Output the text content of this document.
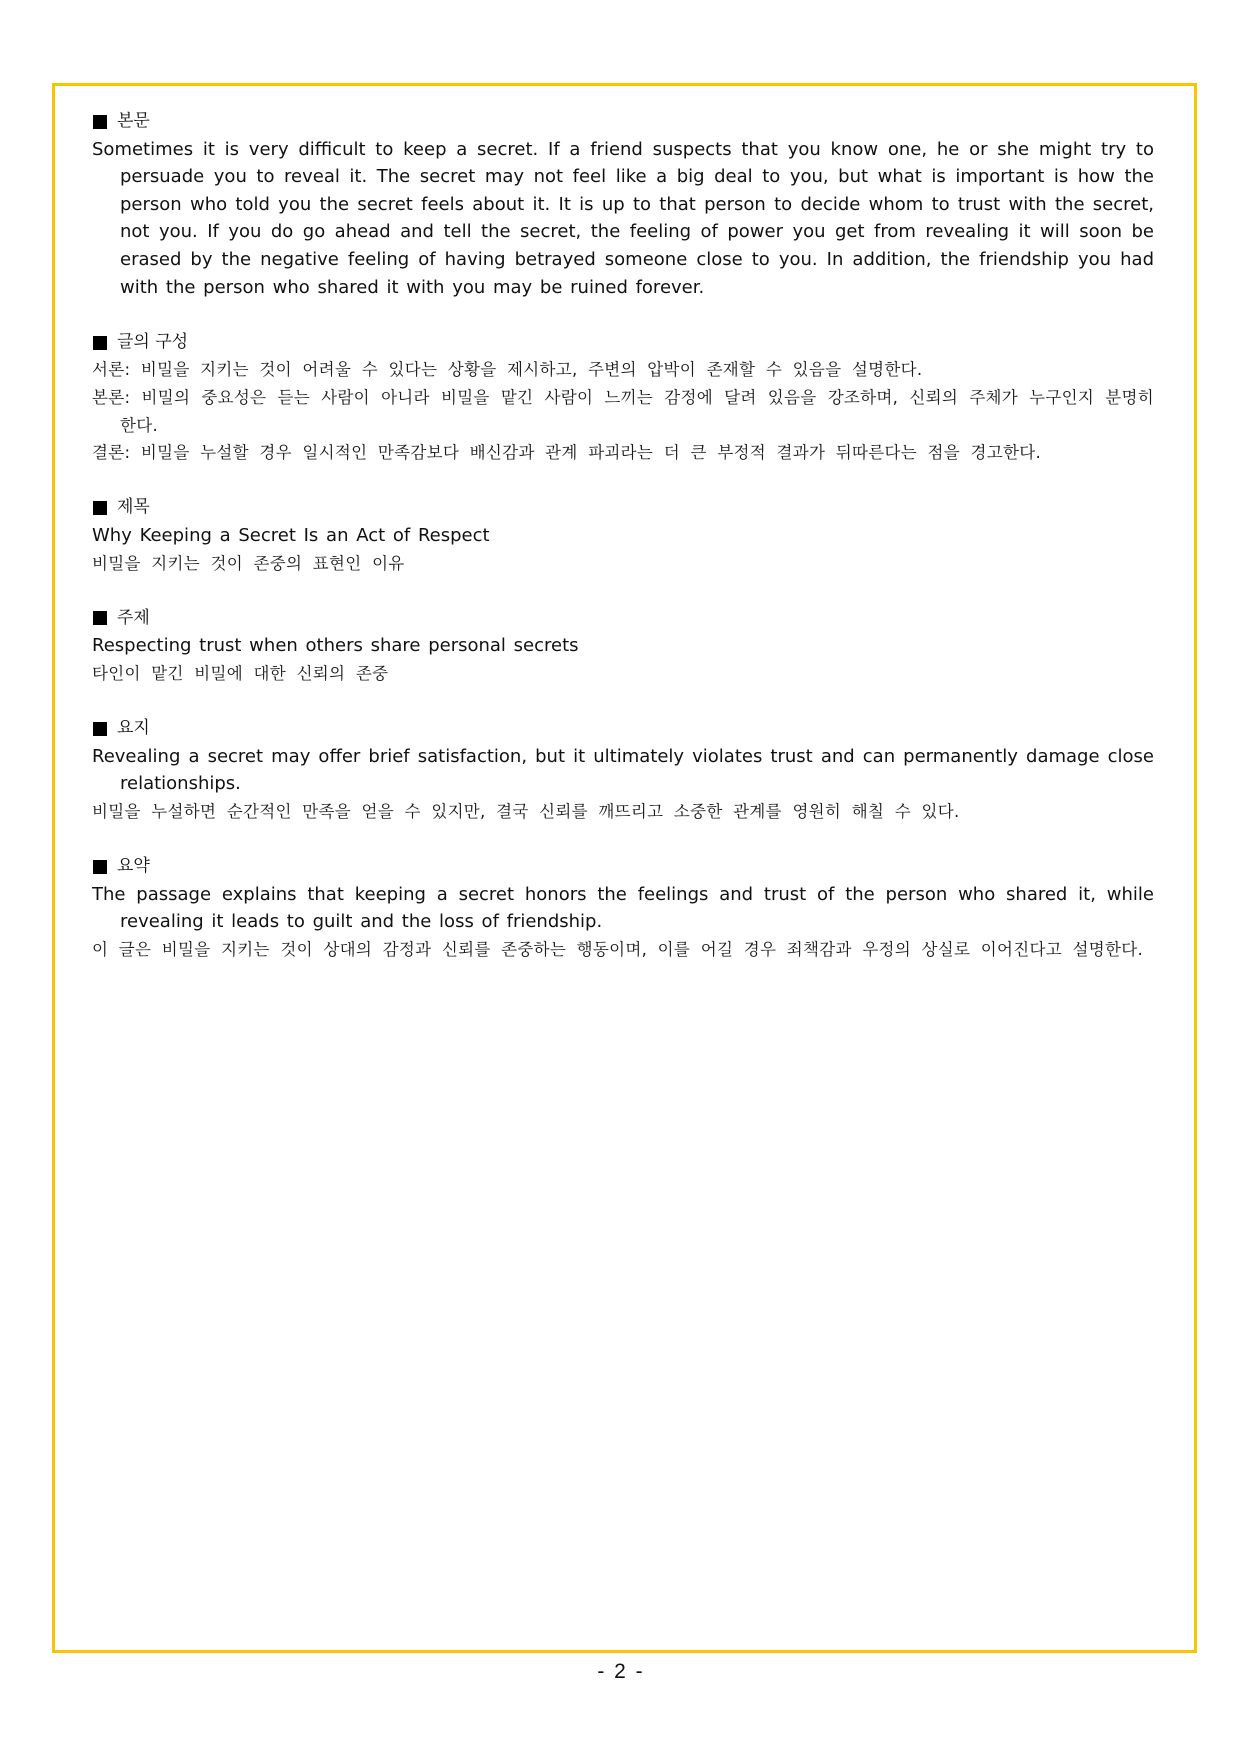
본문

Sometimes it is very difficult to keep a secret. If a friend suspects that you know one, he or she might try to persuade you to reveal it. The secret may not feel like a big deal to you, but what is important is how the person who told you the secret feels about it. It is up to that person to decide whom to trust with the secret, not you. If you do go ahead and tell the secret, the feeling of power you get from revealing it will soon be erased by the negative feeling of having betrayed someone close to you. In addition, the friendship you had with the person who shared it with you may be ruined forever.

글의 구성

서론: 비밀을 지키는 것이 어려울 수 있다는 상황을 제시하고, 주변의 압박이 존재할 수 있음을 설명한다.

본론: 비밀의 중요성은 듣는 사람이 아니라 비밀을 맡긴 사람이 느끼는 감정에 달려 있음을 강조하며, 신뢰의 주체가 누구인지 분명히 한다.

결론: 비밀을 누설할 경우 일시적인 만족감보다 배신감과 관계 파괴라는 더 큰 부정적 결과가 뒤따른다는 점을 경고한다.

제목

Why Keeping a Secret Is an Act of Respect

비밀을 지키는 것이 존중의 표현인 이유

주제

Respecting trust when others share personal secrets

타인이 맡긴 비밀에 대한 신뢰의 존중

요지

Revealing a secret may offer brief satisfaction, but it ultimately violates trust and can permanently damage close relationships.

비밀을 누설하면 순간적인 만족을 얻을 수 있지만, 결국 신뢰를 깨뜨리고 소중한 관계를 영원히 해칠 수 있다.

요약

The passage explains that keeping a secret honors the feelings and trust of the person who shared it, while revealing it leads to guilt and the loss of friendship.

이 글은 비밀을 지키는 것이 상대의 감정과 신뢰를 존중하는 행동이며, 이를 어길 경우 죄책감과 우정의 상실로 이어진다고 설명한다.

- 2 -
